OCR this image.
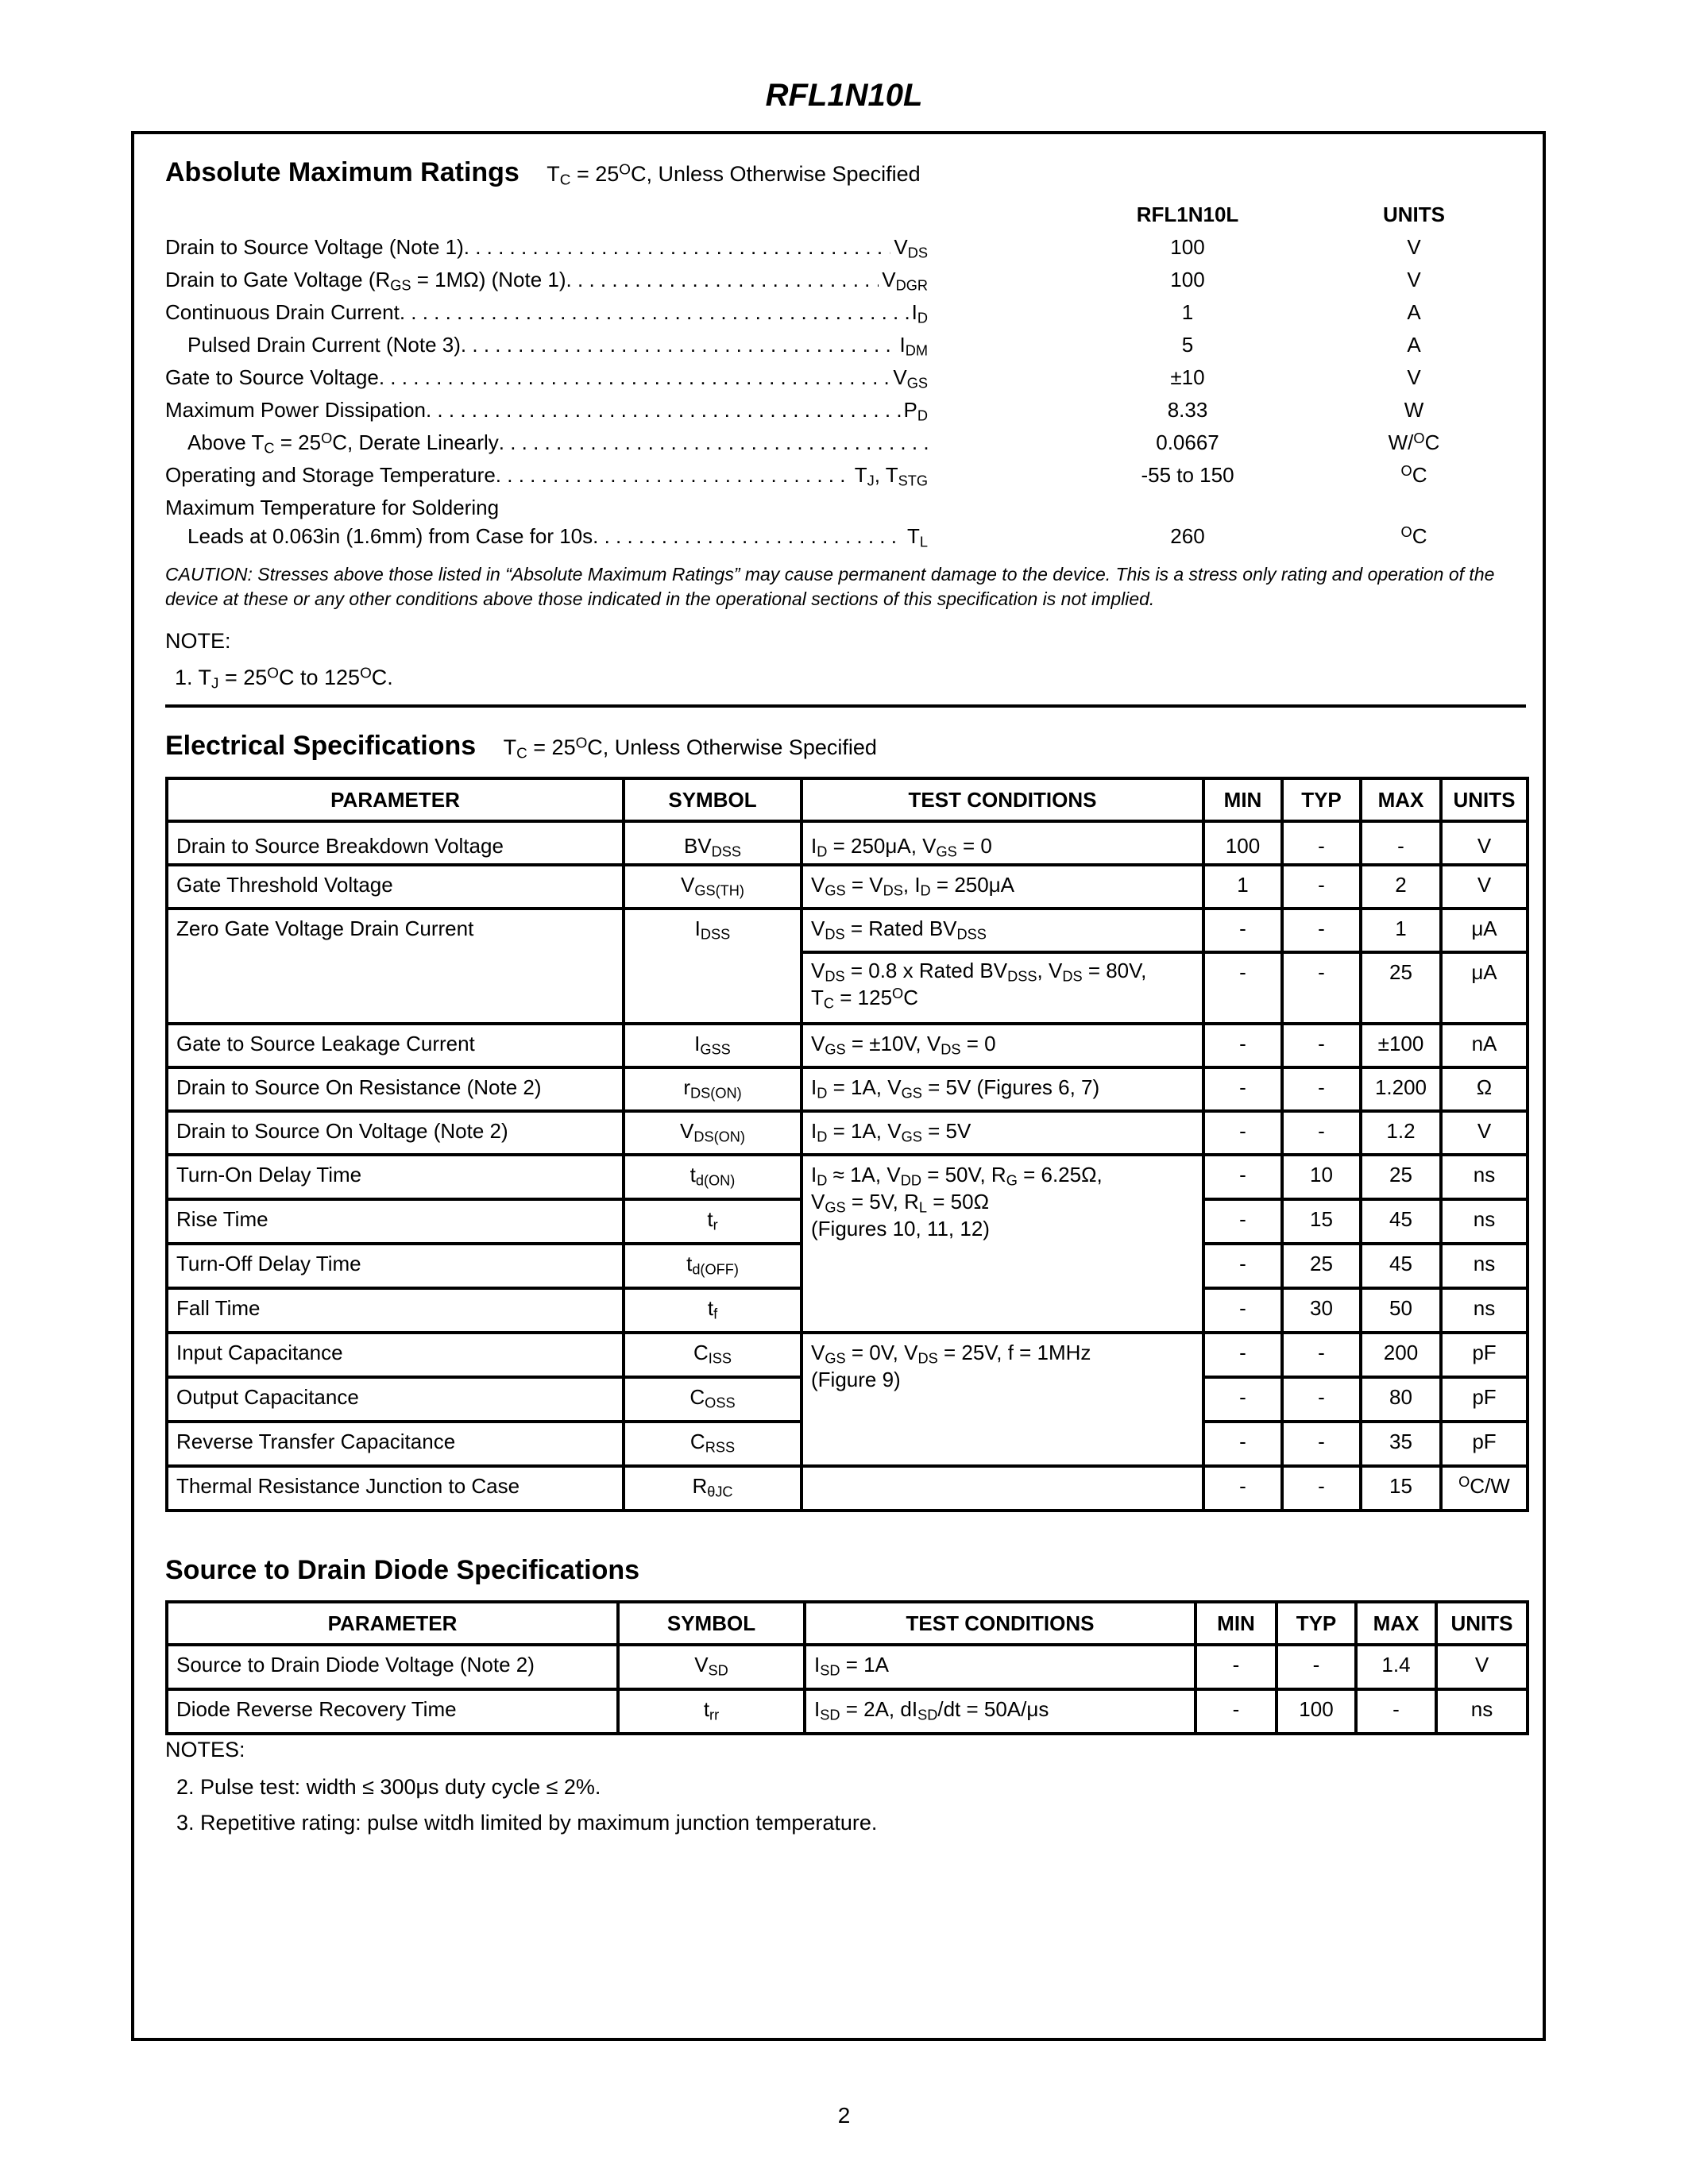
RFL1N10L
Absolute Maximum Ratings $T_C = 25^OC$, Unless Otherwise Specified
RFL1N10L	UNITS
Drain to Source Voltage (Note 1) . . .	$V_{DS}$	100	V
Drain to Gate Voltage $(R_{GS} = 1M\Omega)$ (Note 1) . . .	$V_{DGR}$	100	V
Continuous Drain Current . . .	$I_D$	1	A
Pulsed Drain Current (Note 3) . . .	$I_{DM}$	5	A
Gate to Source Voltage . . .	$V_{GS}$	±10	V
Maximum Power Dissipation . . .	$P_D$	8.33	W
Above $T_C = 25^OC$, Derate Linearly . . .	0.0667	W/$^O$C
Operating and Storage Temperature . . .	$T_J$, $T_{STG}$	-55 to 150	$^O$C
Maximum Temperature for Soldering
Leads at 0.063in (1.6mm) from Case for 10s . . .	$T_L$	260	$^O$C
CAUTION: Stresses above those listed in “Absolute Maximum Ratings” may cause permanent damage to the device. This is a stress only rating and operation of the device at these or any other conditions above those indicated in the operational sections of this specification is not implied.
NOTE:
1. $T_J = 25^OC$ to $125^OC$.
Electrical Specifications $T_C = 25^OC$, Unless Otherwise Specified
PARAMETER	SYMBOL	TEST CONDITIONS	MIN	TYP	MAX	UNITS
Drain to Source Breakdown Voltage	$BV_{DSS}$	$I_D = 250\mu A$, $V_{GS} = 0$	100	-	-	V
Gate Threshold Voltage	$V_{GS(TH)}$	$V_{GS} = V_{DS}$, $I_D = 250\mu A$	1	-	2	V
Zero Gate Voltage Drain Current	$I_{DSS}$	$V_{DS}$ = Rated $BV_{DSS}$	-	-	1	μA
		$V_{DS} = 0.8$ x Rated $BV_{DSS}$, $V_{DS} = 80V$,
$T_C = 125^OC$	-	-	25	μA
Gate to Source Leakage Current	$I_{GSS}$	$V_{GS} = \pm 10V$, $V_{DS} = 0$	-	-	±100	nA
Drain to Source On Resistance (Note 2)	$r_{DS(ON)}$	$I_D = 1A$, $V_{GS} = 5V$ (Figures 6, 7)	-	-	1.200	Ω
Drain to Source On Voltage (Note 2)	$V_{DS(ON)}$	$I_D = 1A$, $V_{GS} = 5V$	-	-	1.2	V
Turn-On Delay Time	$t_{d(ON)}$	$I_D \approx 1A$, $V_{DD} = 50V$, $R_G = 6.25\Omega$,
$V_{GS} = 5V$, $R_L = 50\Omega$
(Figures 10, 11, 12)	-	10	25	ns
Rise Time	$t_r$		-	15	45	ns
Turn-Off Delay Time	$t_{d(OFF)}$		-	25	45	ns
Fall Time	$t_f$		-	30	50	ns
Input Capacitance	$C_{ISS}$	$V_{GS} = 0V$, $V_{DS} = 25V$, f = 1MHz
(Figure 9)	-	-	200	pF
Output Capacitance	$C_{OSS}$		-	-	80	pF
Reverse Transfer Capacitance	$C_{RSS}$		-	-	35	pF
Thermal Resistance Junction to Case	$R_{\theta JC}$		-	-	15	$^O$C/W
Source to Drain Diode Specifications
PARAMETER	SYMBOL	TEST CONDITIONS	MIN	TYP	MAX	UNITS
Source to Drain Diode Voltage (Note 2)	$V_{SD}$	$I_{SD} = 1A$	-	-	1.4	V
Diode Reverse Recovery Time	$t_{rr}$	$I_{SD} = 2A$, $dI_{SD}/dt = 50A/\mu s$	-	100	-	ns
NOTES:
2. Pulse test: width ≤ 300μs duty cycle ≤ 2%.
3. Repetitive rating: pulse witdh limited by maximum junction temperature.
2
